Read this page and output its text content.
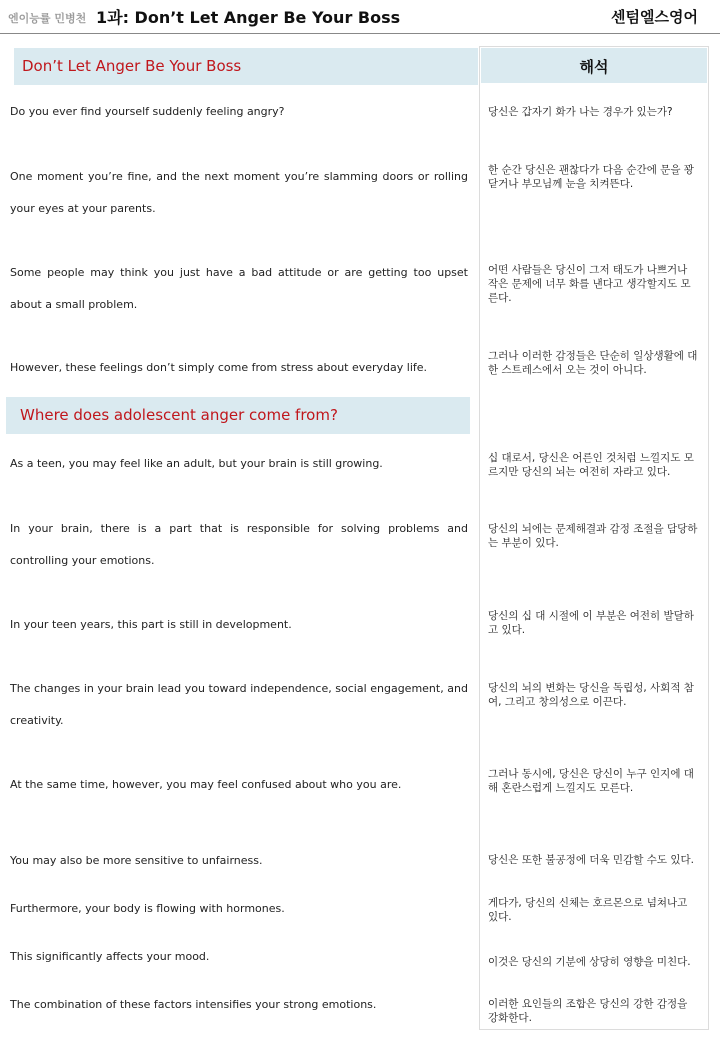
엔이능률 민병천 1과: Don’t Let Anger Be Your Boss	센텀엘스영어
해석
Don’t Let Anger Be Your Boss
Where does adolescent anger come from?
Do you ever find yourself suddenly feeling angry?
One moment you’re fine, and the next moment you’re slamming doors or rolling your eyes at your parents.
Some people may think you just have a bad attitude or are getting too upset about a small problem.
However, these feelings don’t simply come from stress about everyday life.
As a teen, you may feel like an adult, but your brain is still growing.
In your brain, there is a part that is responsible for solving problems and controlling your emotions.
In your teen years, this part is still in development.
The changes in your brain lead you toward independence, social engagement, and creativity.
At the same time, however, you may feel confused about who you are.
You may also be more sensitive to unfairness.
Furthermore, your body is flowing with hormones.
This significantly affects your mood.
The combination of these factors intensifies your strong emotions.
당신은 갑자기 화가 나는 경우가 있는가?
한 순간 당신은 괜찮다가 다음 순간에 문을 꽝 닫거나 부모님께 눈을 치켜뜬다.
어떤 사람들은 당신이 그저 태도가 나쁘거나 작은 문제에 너무 화를 낸다고 생각할지도 모른다.
그러나 이러한 감정들은 단순히 일상생활에 대한 스트레스에서 오는 것이 아니다.
십 대로서, 당신은 어른인 것처럼 느낄지도 모르지만 당신의 뇌는 여전히 자라고 있다.
당신의 뇌에는 문제해결과 감정 조절을 담당하는 부분이 있다.
당신의 십 대 시절에 이 부분은 여전히 발달하고 있다.
당신의 뇌의 변화는 당신을 독립성, 사회적 참여, 그리고 창의성으로 이끈다.
그러나 동시에, 당신은 당신이 누구 인지에 대해 혼란스럽게 느낄지도 모른다.
당신은 또한 불공정에 더욱 민감할 수도 있다.
게다가, 당신의 신체는 호르몬으로 넘쳐나고 있다.
이것은 당신의 기분에 상당히 영향을 미친다.
이러한 요인들의 조합은 당신의 강한 감정을 강화한다.
